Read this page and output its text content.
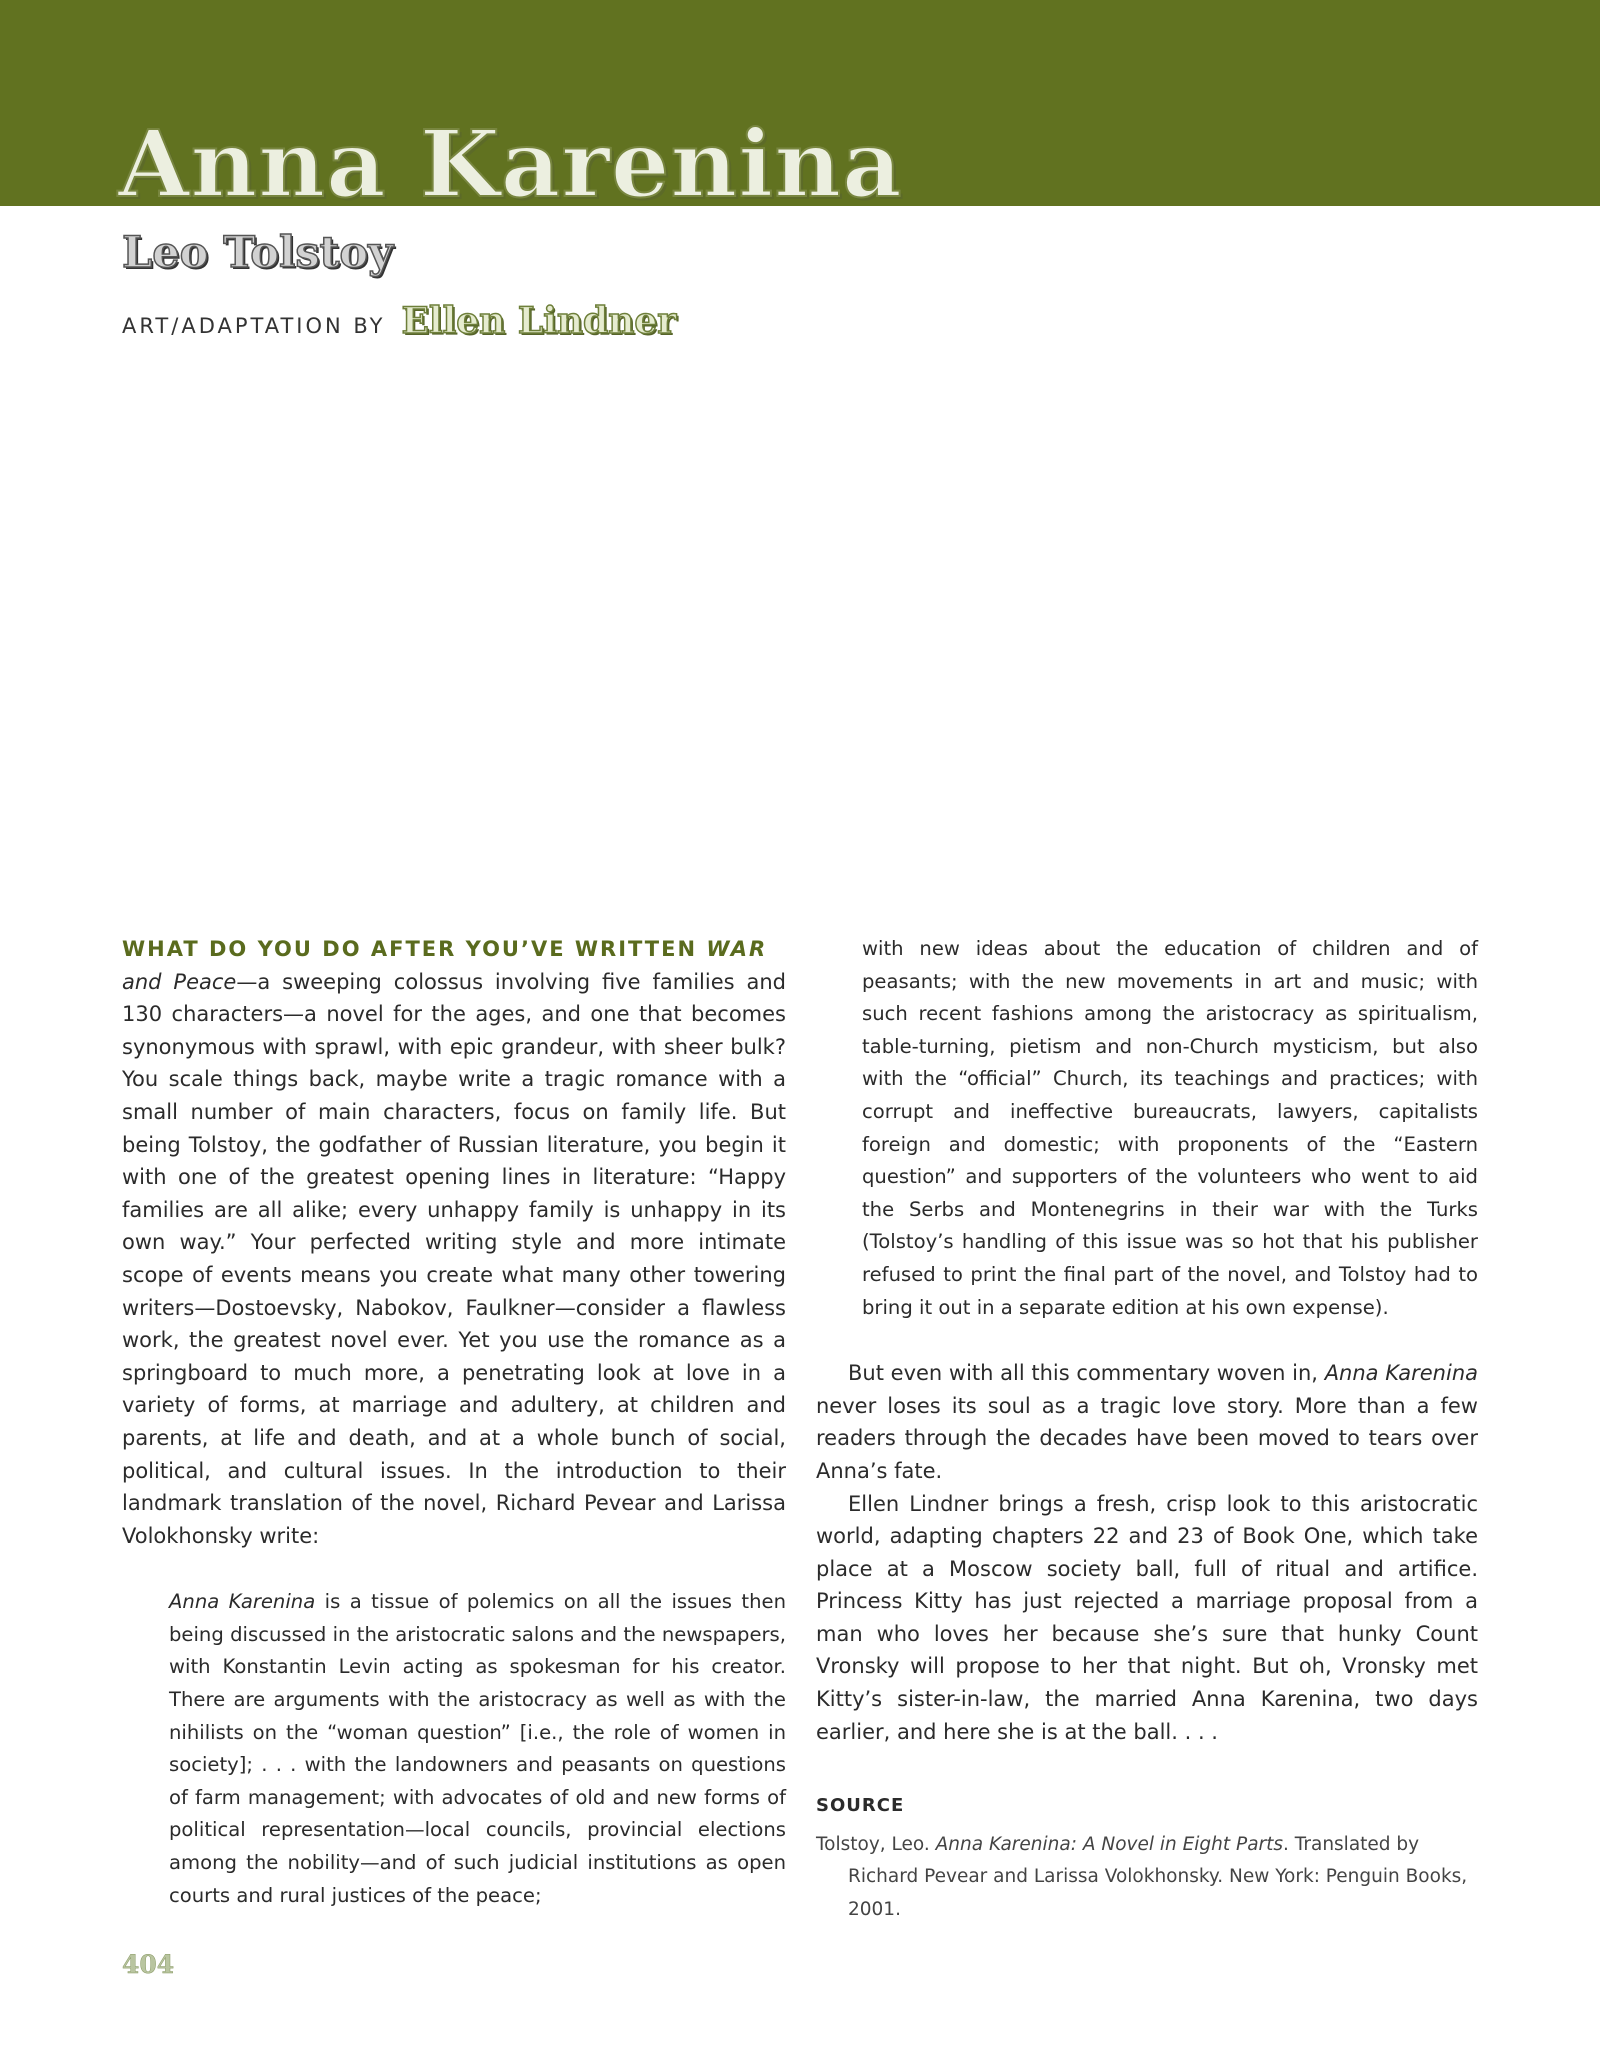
Anna Karenina
Leo Tolstoy
ART/ADAPTATION BY Ellen Lindner

WHAT DO YOU DO AFTER YOU’VE WRITTEN WAR
and Peace—a sweeping colossus involving five families and 130 characters—a novel for the ages, and one that becomes synonymous with sprawl, with epic grandeur, with sheer bulk? You scale things back, maybe write a tragic romance with a small number of main characters, focus on family life. But being Tolstoy, the godfather of Russian literature, you begin it with one of the greatest opening lines in literature: “Happy families are all alike; every unhappy family is unhappy in its own way.” Your perfected writing style and more intimate scope of events means you create what many other towering writers—Dostoevsky, Nabokov, Faulkner—consider a flawless work, the greatest novel ever. Yet you use the romance as a springboard to much more, a penetrating look at love in a variety of forms, at marriage and adultery, at children and parents, at life and death, and at a whole bunch of social, political, and cultural issues. In the introduction to their landmark translation of the novel, Richard Pevear and Larissa Volokhonsky write:

Anna Karenina is a tissue of polemics on all the issues then being discussed in the aristocratic salons and the newspapers, with Konstantin Levin acting as spokesman for his creator. There are arguments with the aristocracy as well as with the nihilists on the “woman question” [i.e., the role of women in society]; . . . with the landowners and peasants on questions of farm management; with advocates of old and new forms of political representation—local councils, provincial elections among the nobility—and of such judicial institutions as open courts and rural justices of the peace;

with new ideas about the education of children and of peasants; with the new movements in art and music; with such recent fashions among the aristocracy as spiritualism, table-turning, pietism and non-Church mysticism, but also with the “official” Church, its teachings and practices; with corrupt and ineffective bureaucrats, lawyers, capitalists foreign and domestic; with proponents of the “Eastern question” and supporters of the volunteers who went to aid the Serbs and Montenegrins in their war with the Turks (Tolstoy’s handling of this issue was so hot that his publisher refused to print the final part of the novel, and Tolstoy had to bring it out in a separate edition at his own expense).

But even with all this commentary woven in, Anna Karenina never loses its soul as a tragic love story. More than a few readers through the decades have been moved to tears over Anna’s fate.

Ellen Lindner brings a fresh, crisp look to this aristocratic world, adapting chapters 22 and 23 of Book One, which take place at a Moscow society ball, full of ritual and artifice. Princess Kitty has just rejected a marriage proposal from a man who loves her because she’s sure that hunky Count Vronsky will propose to her that night. But oh, Vronsky met Kitty’s sister-in-law, the married Anna Karenina, two days earlier, and here she is at the ball. . . .

SOURCE

Tolstoy, Leo. Anna Karenina: A Novel in Eight Parts. Translated by Richard Pevear and Larissa Volokhonsky. New York: Penguin Books, 2001.

404
